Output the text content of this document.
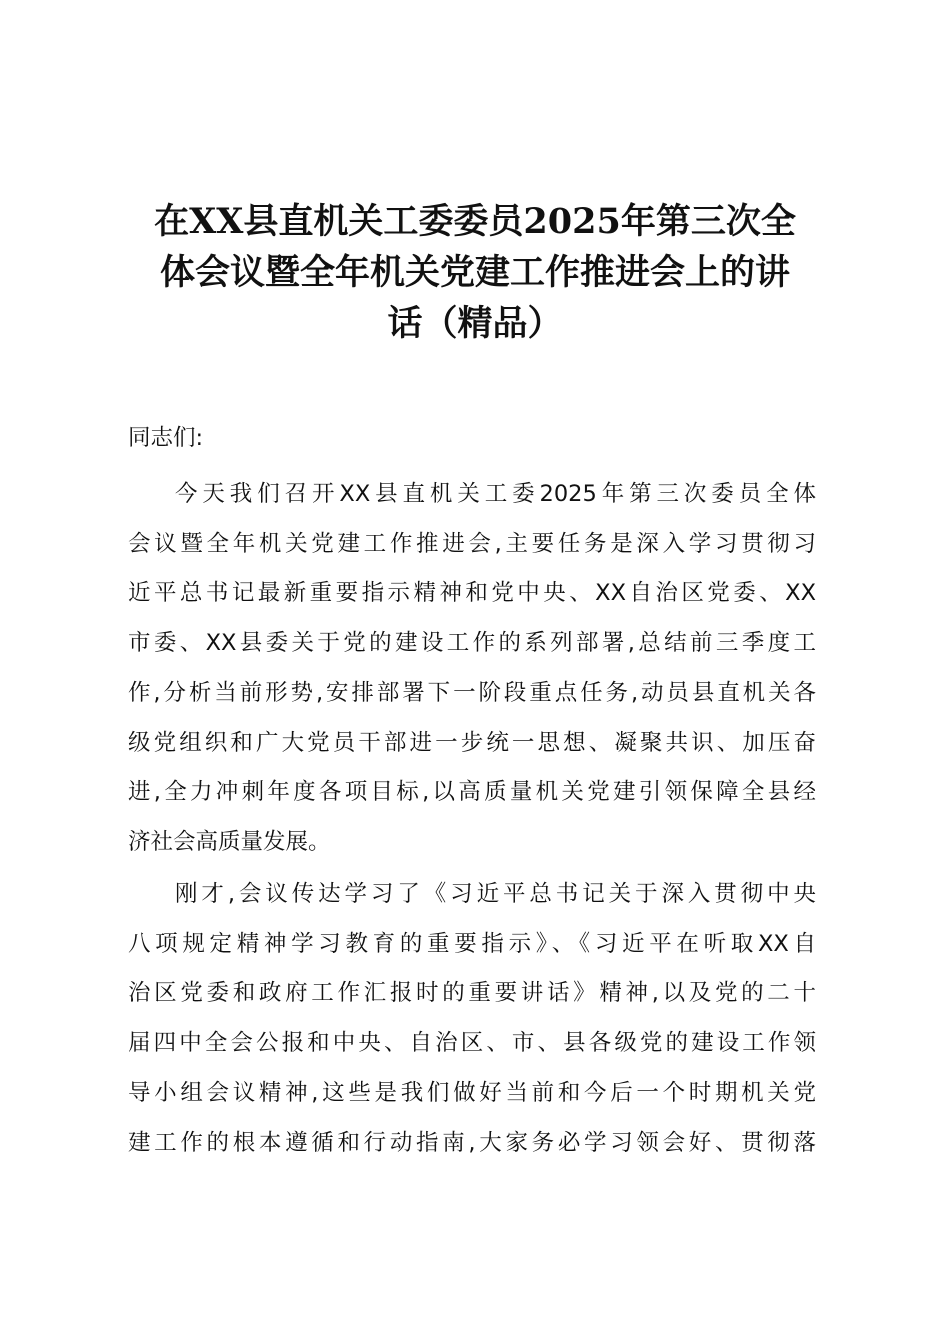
在XX县直机关工委委员2025年第三次全
体会议暨全年机关党建工作推进会上的讲
话（精品）
同志们:
今天我们召开XX县直机关工委2025年第三次委员全体
会议暨全年机关党建工作推进会,主要任务是深入学习贯彻习
近平总书记最新重要指示精神和党中央、XX自治区党委、XX
市委、XX县委关于党的建设工作的系列部署,总结前三季度工
作,分析当前形势,安排部署下一阶段重点任务,动员县直机关各
级党组织和广大党员干部进一步统一思想、凝聚共识、加压奋
进,全力冲刺年度各项目标,以高质量机关党建引领保障全县经
济社会高质量发展。
刚才,会议传达学习了《习近平总书记关于深入贯彻中央
八项规定精神学习教育的重要指示》、《习近平在听取XX自
治区党委和政府工作汇报时的重要讲话》精神,以及党的二十
届四中全会公报和中央、自治区、市、县各级党的建设工作领
导小组会议精神,这些是我们做好当前和今后一个时期机关党
建工作的根本遵循和行动指南,大家务必学习领会好、贯彻落
